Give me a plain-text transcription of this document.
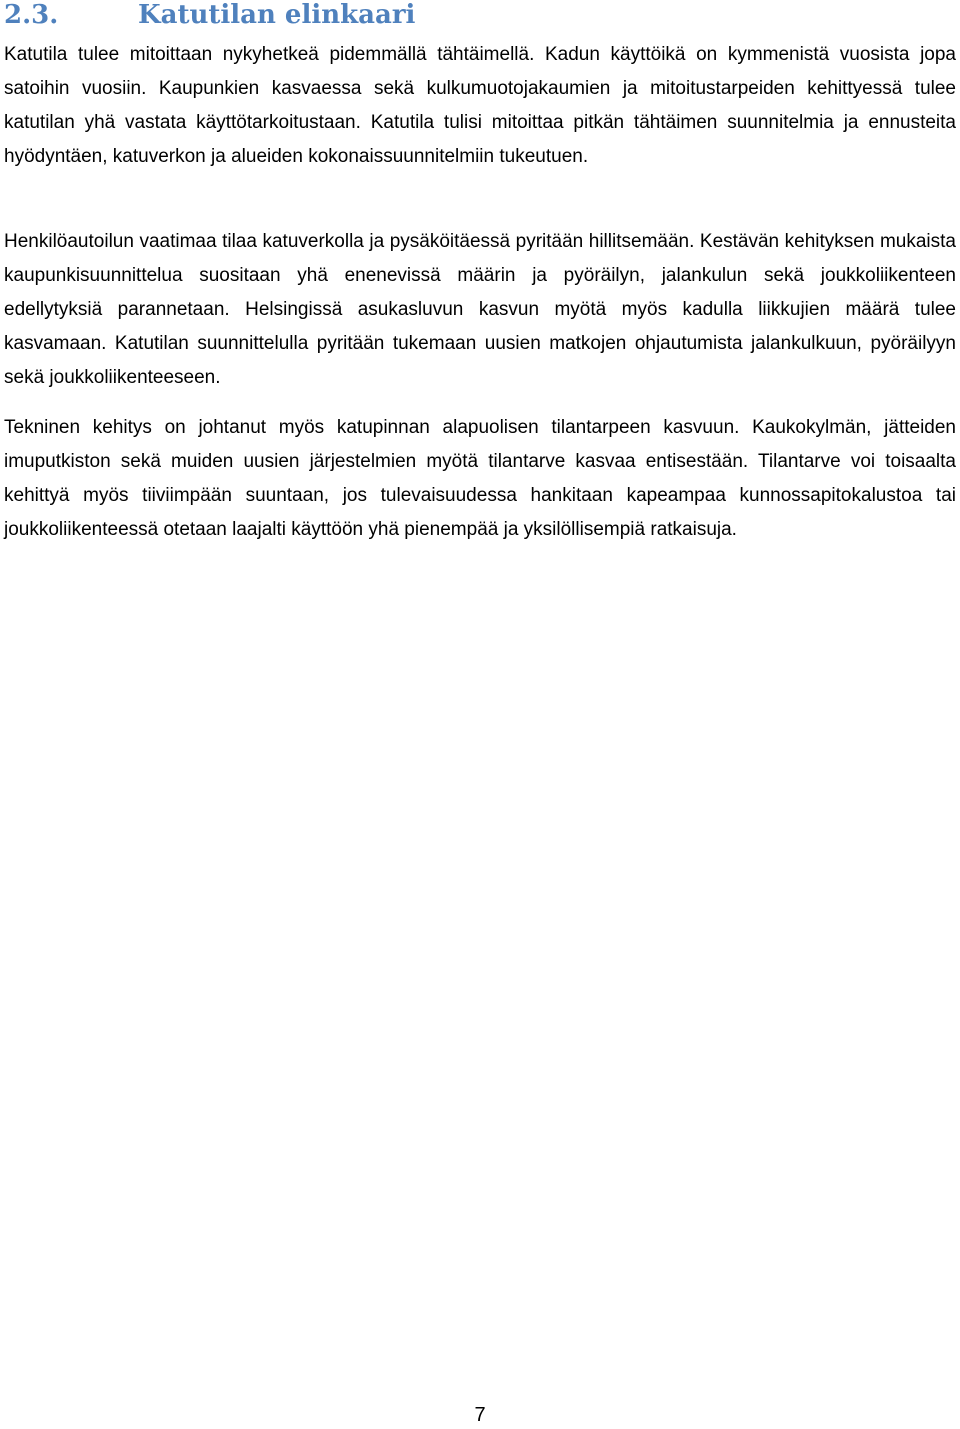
2.3.	Katutilan elinkaari

Katutila tulee mitoittaan nykyhetkeä pidemmällä tähtäimellä. Kadun käyttöikä on kymmenistä vuosista jopa satoihin vuosiin. Kaupunkien kasvaessa sekä kulkumuotojakaumien ja mitoitustarpeiden kehittyessä tulee katutilan yhä vastata käyttötarkoitustaan. Katutila tulisi mitoittaa pitkän tähtäimen suunnitelmia ja ennusteita hyödyntäen, katuverkon ja alueiden kokonaissuunnitelmiin tukeutuen.

Henkilöautoilun vaatimaa tilaa katuverkolla ja pysäköitäessä pyritään hillitsemään. Kestävän kehityksen mukaista kaupunkisuunnittelua suositaan yhä enenevissä määrin ja pyöräilyn, jalankulun sekä joukkoliikenteen edellytyksiä parannetaan. Helsingissä asukasluvun kasvun myötä myös kadulla liikkujien määrä tulee kasvamaan. Katutilan suunnittelulla pyritään tukemaan uusien matkojen ohjautumista jalankulkuun, pyöräilyyn sekä joukkoliikenteeseen.

Tekninen kehitys on johtanut myös katupinnan alapuolisen tilantarpeen kasvuun. Kaukokylmän, jätteiden imuputkiston sekä muiden uusien järjestelmien myötä tilantarve kasvaa entisestään. Tilantarve voi toisaalta kehittyä myös tiiviimpään suuntaan, jos tulevaisuudessa hankitaan kapeampaa kunnossapitokalustoa tai joukkoliikenteessä otetaan laajalti käyttöön yhä pienempää ja yksilöllisempiä ratkaisuja.

7
